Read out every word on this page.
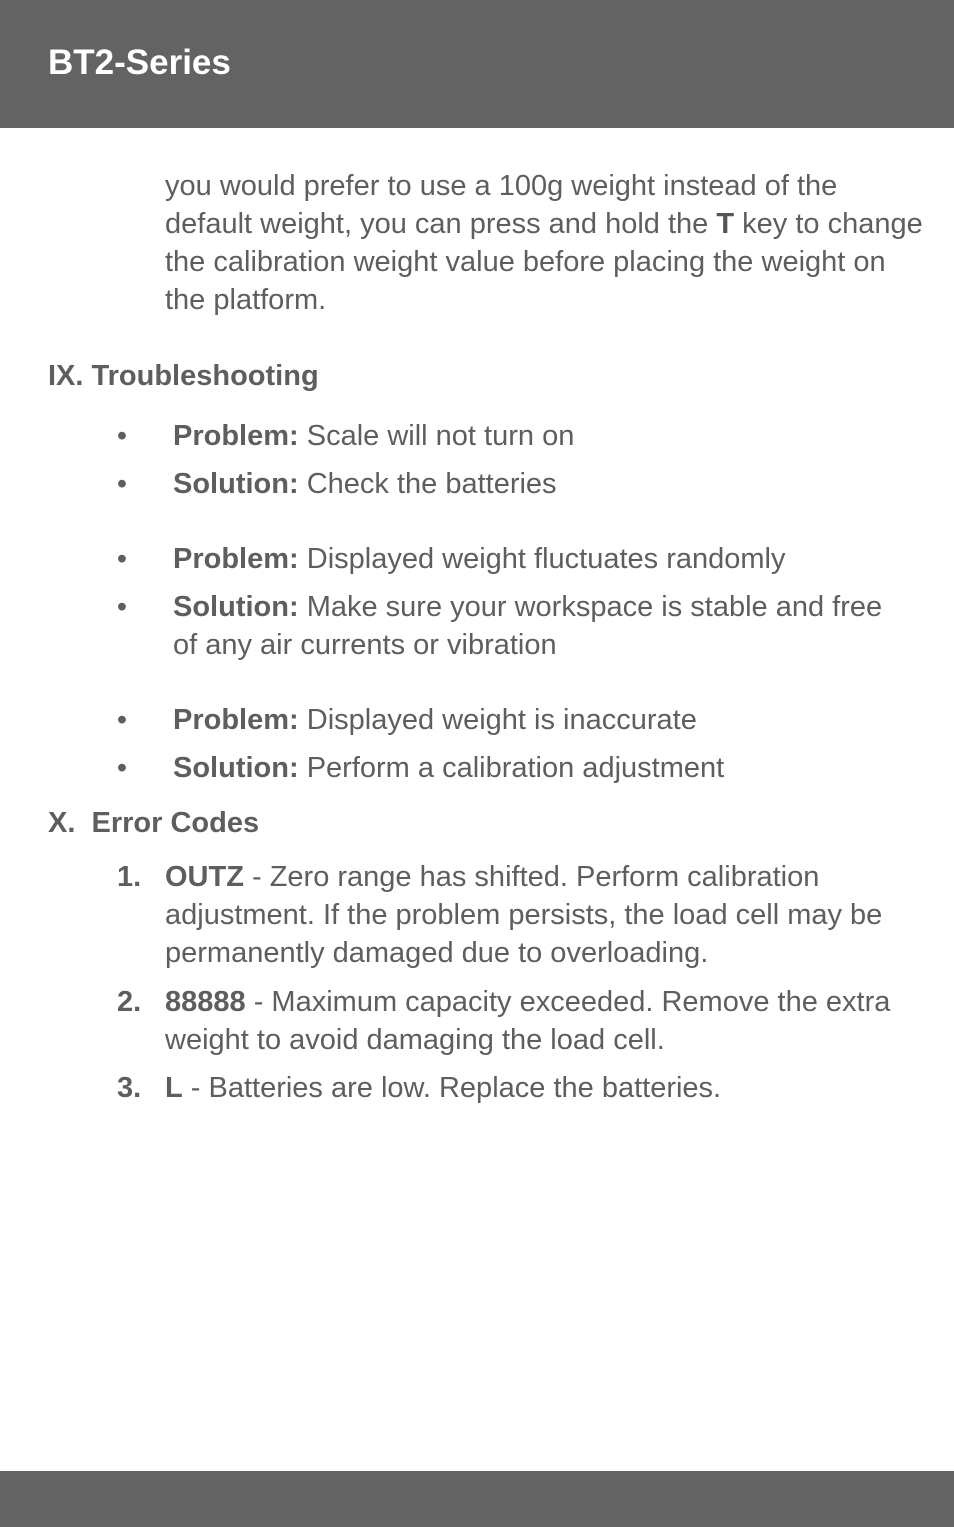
BT2-Series

you would prefer to use a 100g weight instead of the default weight, you can press and hold the T key to change the calibration weight value before placing the weight on the platform.

IX. Troubleshooting
• Problem: Scale will not turn on
• Solution: Check the batteries
• Problem: Displayed weight fluctuates randomly
• Solution: Make sure your workspace is stable and free of any air currents or vibration
• Problem: Displayed weight is inaccurate
• Solution: Perform a calibration adjustment
X.  Error Codes
1. OUTZ - Zero range has shifted. Perform calibration adjustment. If the problem persists, the load cell may be permanently damaged due to overloading.
2. 88888 - Maximum capacity exceeded. Remove the extra weight to avoid damaging the load cell.
3. L - Batteries are low. Replace the batteries.
